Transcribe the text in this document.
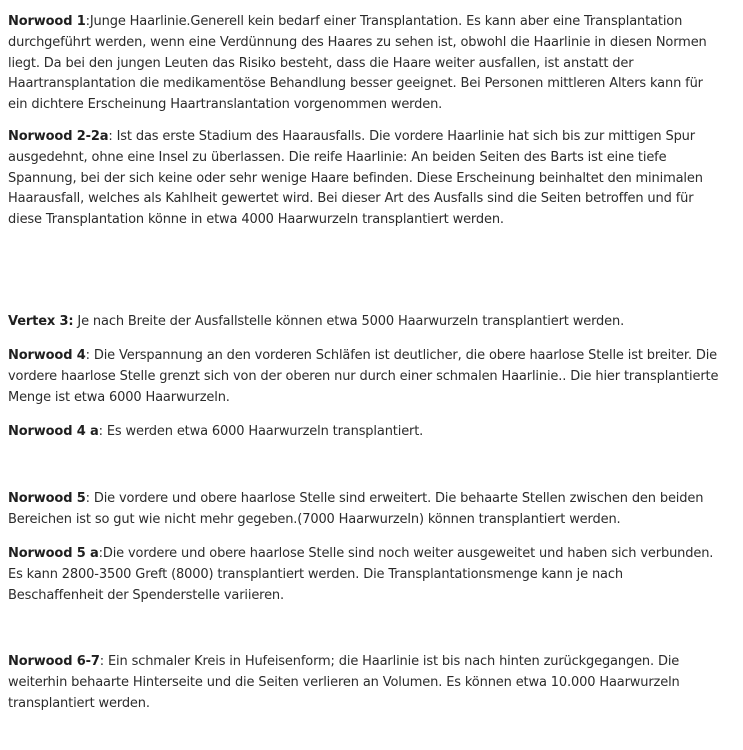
Norwood 1:Junge Haarlinie.Generell kein bedarf einer Transplantation. Es kann aber eine Transplantation durchgeführt werden, wenn eine Verdünnung des Haares zu sehen ist, obwohl die Haarlinie in diesen Normen liegt. Da bei den jungen Leuten das Risiko besteht, dass die Haare weiter ausfallen, ist anstatt der Haartransplantation die medikamentöse Behandlung besser geeignet. Bei Personen mittleren Alters kann für ein dichtere Erscheinung Haartranslantation vorgenommen werden.

Norwood 2-2a: Ist das erste Stadium des Haarausfalls. Die vordere Haarlinie hat sich bis zur mittigen Spur ausgedehnt, ohne eine Insel zu überlassen. Die reife Haarlinie: An beiden Seiten des Barts ist eine tiefe Spannung, bei der sich keine oder sehr wenige Haare befinden. Diese Erscheinung beinhaltet den minimalen Haarausfall, welches als Kahlheit gewertet wird. Bei dieser Art des Ausfalls sind die Seiten betroffen und für diese Transplantation könne in etwa 4000 Haarwurzeln transplantiert werden.

Vertex 3: Je nach Breite der Ausfallstelle können etwa 5000 Haarwurzeln transplantiert werden.

Norwood 4: Die Verspannung an den vorderen Schläfen ist deutlicher, die obere haarlose Stelle ist breiter. Die vordere haarlose Stelle grenzt sich von der oberen nur durch einer schmalen Haarlinie.. Die hier transplantierte Menge ist etwa 6000 Haarwurzeln.

Norwood 4 a: Es werden etwa 6000 Haarwurzeln transplantiert.

Norwood 5: Die vordere und obere haarlose Stelle sind erweitert. Die behaarte Stellen zwischen den beiden Bereichen ist so gut wie nicht mehr gegeben.(7000 Haarwurzeln) können transplantiert werden.

Norwood 5 a:Die vordere und obere haarlose Stelle sind noch weiter ausgeweitet und haben sich verbunden. Es kann 2800-3500 Greft (8000) transplantiert werden. Die Transplantationsmenge kann je nach Beschaffenheit der Spenderstelle variieren.

Norwood 6-7: Ein schmaler Kreis in Hufeisenform; die Haarlinie ist bis nach hinten zurückgegangen. Die weiterhin behaarte Hinterseite und die Seiten verlieren an Volumen. Es können etwa 10.000 Haarwurzeln transplantiert werden.
